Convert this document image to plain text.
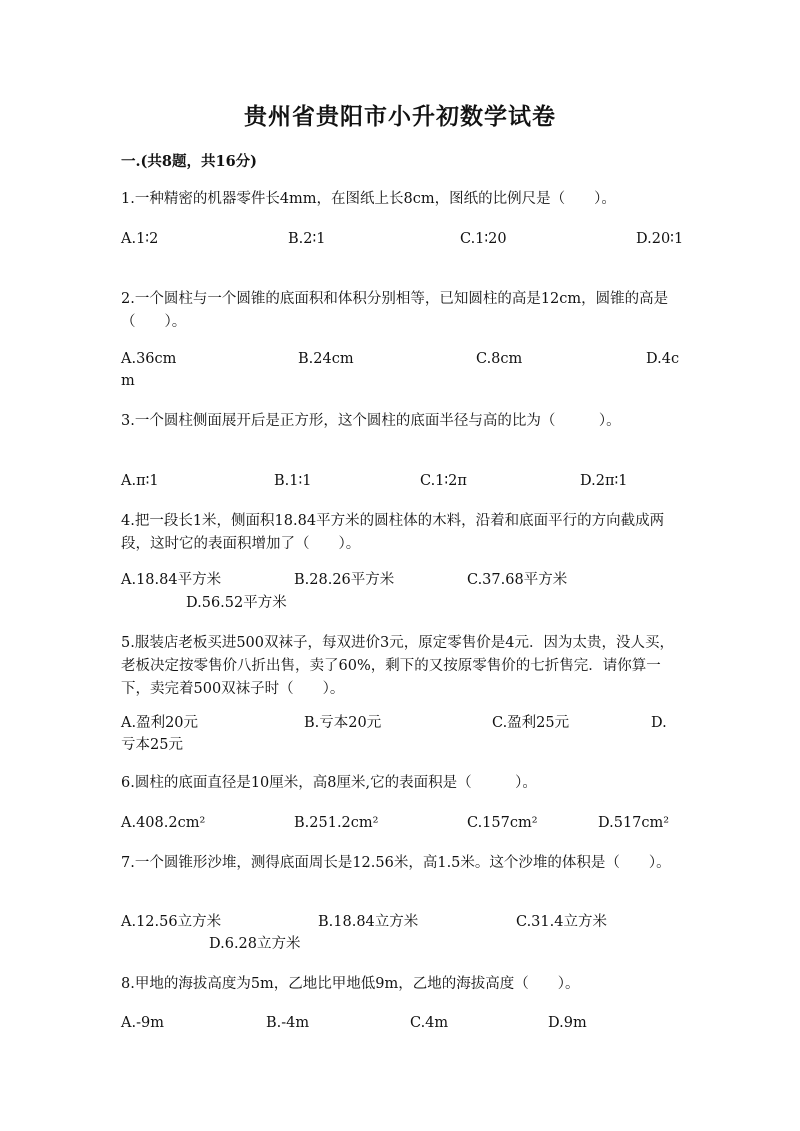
贵州省贵阳市小升初数学试卷
一.(共8题，共16分)
1.一种精密的机器零件长4mm，在图纸上长8cm，图纸的比例尺是（　　）。
A.1∶2	B.2∶1	C.1∶20	D.20∶1
2.一个圆柱与一个圆锥的底面积和体积分别相等，已知圆柱的高是12cm，圆锥的高是（　　）。
A.36cm	B.24cm	C.8cm	D.4cm
3.一个圆柱侧面展开后是正方形，这个圆柱的底面半径与高的比为（　　　）。
A.π∶1	B.1∶1	C.1∶2π	D.2π∶1
4.把一段长1米，侧面积18.84平方米的圆柱体的木料，沿着和底面平行的方向截成两段，这时它的表面积增加了（　　）。
A.18.84平方米	B.28.26平方米	C.37.68平方米
D.56.52平方米
5.服装店老板买进500双袜子，每双进价3元，原定零售价是4元．因为太贵，没人买，老板决定按零售价八折出售，卖了60%，剩下的又按原零售价的七折售完．请你算一下，卖完着500双袜子时（　　）。
A.盈利20元	B.亏本20元	C.盈利25元	D.亏本25元
6.圆柱的底面直径是10厘米，高8厘米,它的表面积是（　　　）。
A.408.2cm²	B.251.2cm²	C.157cm²	D.517cm²
7.一个圆锥形沙堆，测得底面周长是12.56米，高1.5米。这个沙堆的体积是（　　）。
A.12.56立方米	B.18.84立方米	C.31.4立方米
D.6.28立方米
8.甲地的海拔高度为5m，乙地比甲地低9m，乙地的海拔高度（　　）。
A.-9m	B.-4m	C.4m	D.9m
